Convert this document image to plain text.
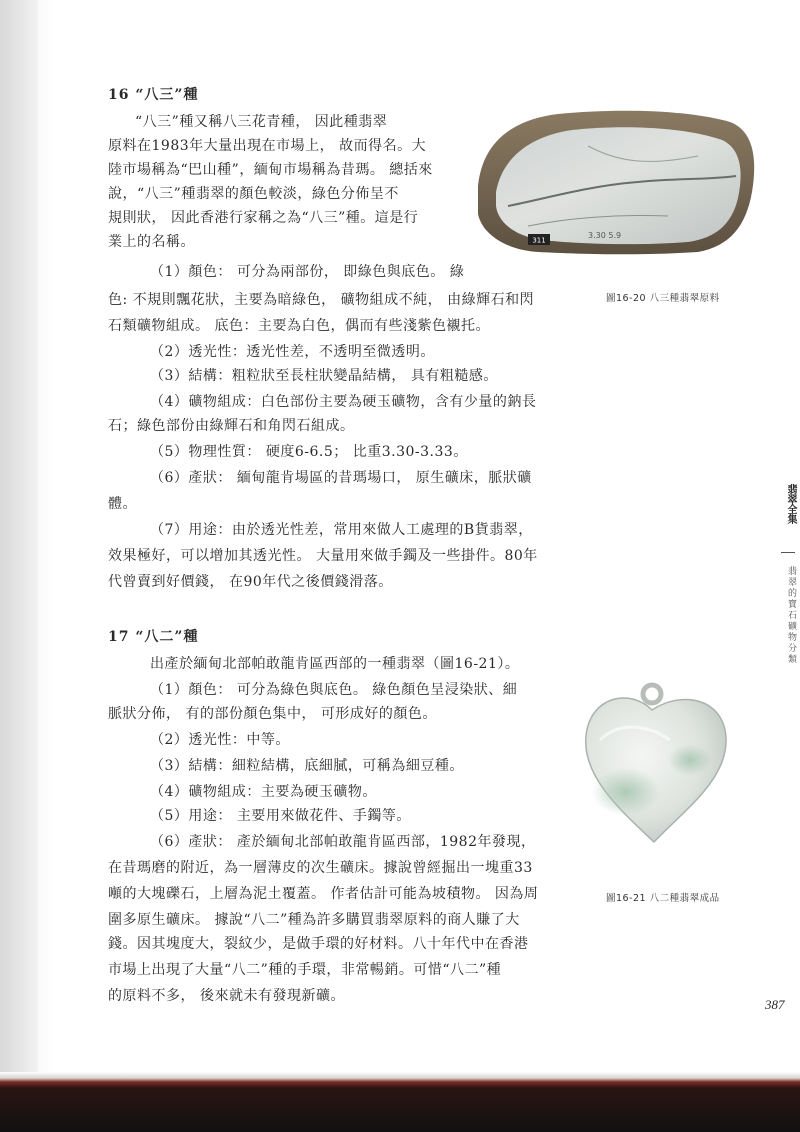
16 “八三”種
“八三”種又稱八三花青種， 因此種翡翠
原料在1983年大量出現在市場上， 故而得名。大
陸市場稱為“巴山種”，緬甸市場稱為昔瑪。 總括來
說，“八三”種翡翠的顏色較淡，綠色分佈呈不
規則狀， 因此香港行家稱之為“八三”種。這是行
業上的名稱。
（1）顏色： 可分為兩部份， 即綠色與底色。 綠
色: 不規則飄花狀，主要為暗綠色， 礦物組成不純， 由綠輝石和閃
石類礦物組成。 底色：主要為白色，偶而有些淺紫色襯托。
（2）透光性：透光性差，不透明至微透明。
（3）結構：粗粒狀至長柱狀變晶結構， 具有粗糙感。
（4）礦物組成：白色部份主要為硬玉礦物，含有少量的鈉長
石；綠色部份由綠輝石和角閃石組成。
（5）物理性質： 硬度6-6.5； 比重3.30-3.33。
（6）產狀： 緬甸龍肯場區的昔瑪場口， 原生礦床，脈狀礦
體。
（7）用途：由於透光性差，常用來做人工處理的B貨翡翠，
效果極好，可以增加其透光性。 大量用來做手鐲及一些掛件。80年
代曾賣到好價錢， 在90年代之後價錢滑落。
311
3.30 5.9
圖16-20 八三種翡翠原料
17 “八二”種
出產於緬甸北部帕敢龍肯區西部的一種翡翠（圖16-21）。
（1）顏色： 可分為綠色與底色。 綠色顏色呈浸染狀、細
脈狀分佈， 有的部份顏色集中， 可形成好的顏色。
（2）透光性：中等。
（3）結構：細粒結構，底細膩，可稱為細豆種。
（4）礦物組成：主要為硬玉礦物。
（5）用途： 主要用來做花件、手鐲等。
（6）產狀： 產於緬甸北部帕敢龍肯區西部，1982年發現，
在昔瑪磨的附近，為一層薄皮的次生礦床。據說曾經掘出一塊重33
噸的大塊礫石，上層為泥土覆蓋。 作者估計可能為坡積物。 因為周
圍多原生礦床。 據說“八二”種為許多購買翡翠原料的商人賺了大
錢。因其塊度大，裂紋少，是做手環的好材料。八十年代中在香港
市場上出現了大量“八二”種的手環，非常暢銷。可惜“八二”種
的原料不多， 後來就未有發現新礦。
圖16-21 八二種翡翠成品
翡翠全集
翡翠的寶石礦物分類
387
